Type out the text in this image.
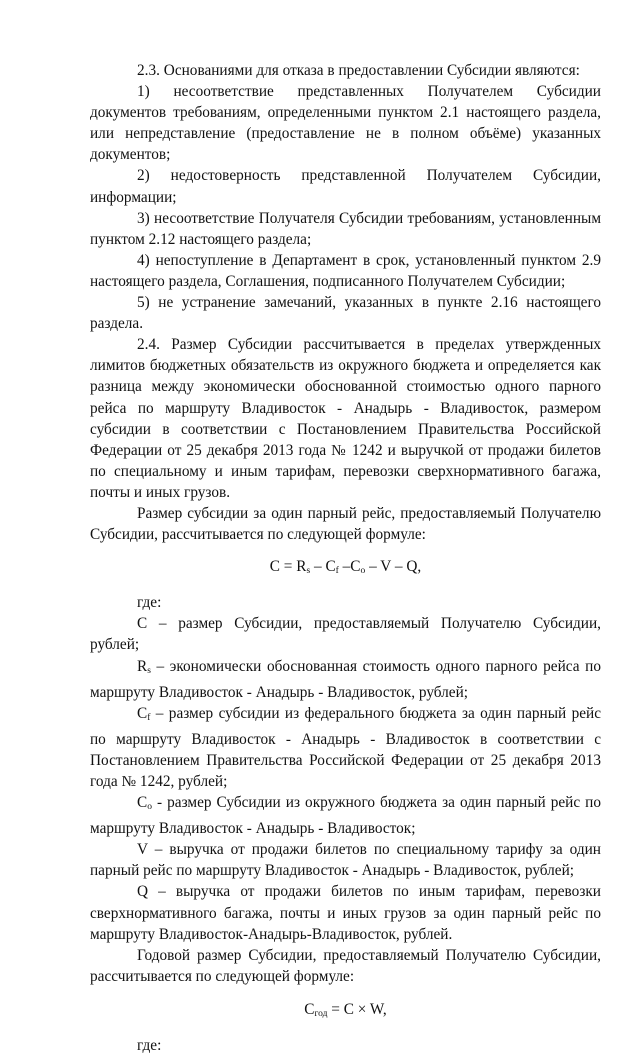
2.3. Основаниями для отказа в предоставлении Субсидии являются:

1) несоответствие представленных Получателем Субсидии документов требованиям, определенными пунктом 2.1 настоящего раздела, или непредставление (предоставление не в полном объёме) указанных документов;

2) недостоверность представленной Получателем Субсидии, информации;

3) несоответствие Получателя Субсидии требованиям, установленным пунктом 2.12 настоящего раздела;

4) непоступление в Департамент в срок, установленный пунктом 2.9 настоящего раздела, Соглашения, подписанного Получателем Субсидии;

5) не устранение замечаний, указанных в пункте 2.16 настоящего раздела.

2.4. Размер Субсидии рассчитывается в пределах утвержденных лимитов бюджетных обязательств из окружного бюджета и определяется как разница между экономически обоснованной стоимостью одного парного рейса по маршруту Владивосток - Анадырь - Владивосток, размером субсидии в соответствии с Постановлением Правительства Российской Федерации от 25 декабря 2013 года № 1242 и выручкой от продажи билетов по специальному и иным тарифам, перевозки сверхнормативного багажа, почты и иных грузов.

Размер субсидии за один парный рейс, предоставляемый Получателю Субсидии, рассчитывается по следующей формуле:

$C = R_s - C_f$ $-C_o$ – V – Q,

где:

C – размер Субсидии, предоставляемый Получателю Субсидии, рублей;

$R_s$ – экономически обоснованная стоимость одного парного рейса по маршруту Владивосток - Анадырь - Владивосток, рублей;

$C_f$ – размер субсидии из федерального бюджета за один парный рейс по маршруту Владивосток - Анадырь - Владивосток в соответствии с Постановлением Правительства Российской Федерации от 25 декабря 2013 года № 1242, рублей;

$C_o$ - размер Субсидии из окружного бюджета за один парный рейс по маршруту Владивосток - Анадырь - Владивосток;

V – выручка от продажи билетов по специальному тарифу за один парный рейс по маршруту Владивосток - Анадырь - Владивосток, рублей;

Q – выручка от продажи билетов по иным тарифам, перевозки сверхнормативного багажа, почты и иных грузов за один парный рейс по маршруту Владивосток-Анадырь-Владивосток, рублей.

Годовой размер Субсидии, предоставляемый Получателю Субсидии, рассчитывается по следующей формуле:

$C_{год} = C \times W$,

где:
